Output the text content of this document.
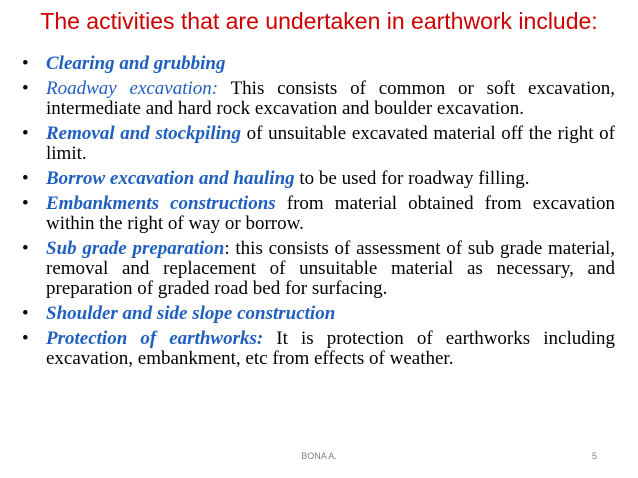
The activities that are undertaken in earthwork include:
• Clearing and grubbing
• Roadway excavation: This consists of common or soft excavation, intermediate and hard rock excavation and boulder excavation.
• Removal and stockpiling of unsuitable excavated material off the right of limit.
• Borrow excavation and hauling to be used for roadway filling.
• Embankments constructions from material obtained from excavation within the right of way or borrow.
• Sub grade preparation: this consists of assessment of sub grade material, removal and replacement of unsuitable material as necessary, and preparation of graded road bed for surfacing.
• Shoulder and side slope construction
• Protection of earthworks: It is protection of earthworks including excavation, embankment, etc from effects of weather.
BONA A.	5
